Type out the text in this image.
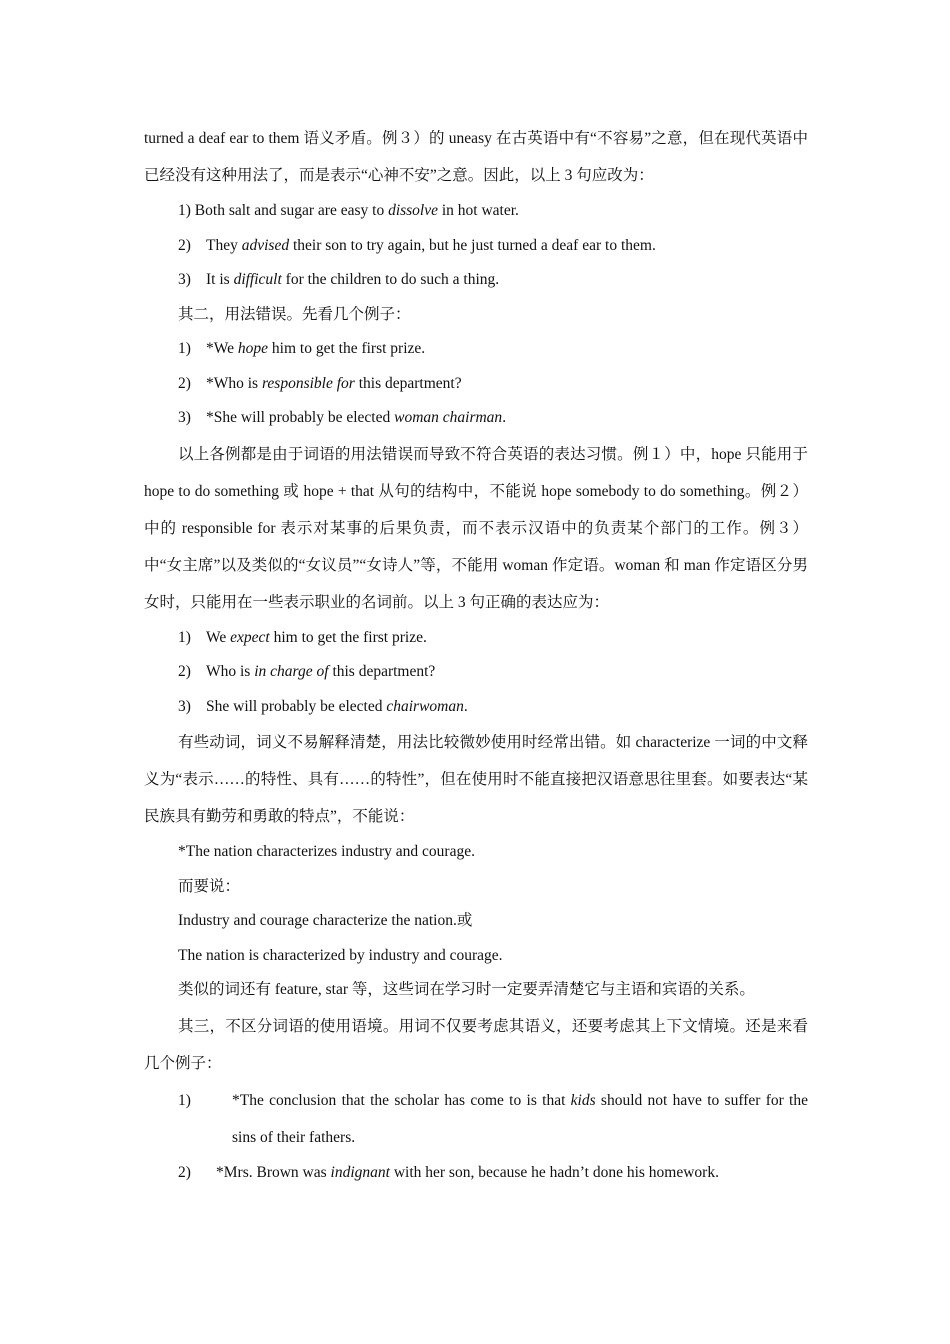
turned a deaf ear to them 语义矛盾。例３）的 uneasy 在古英语中有“不容易”之意，但在现代英语中已经没有这种用法了，而是表示“心神不安”之意。因此，以上 3 句应改为：

1) Both salt and sugar are easy to dissolve in hot water.
2) They advised their son to try again, but he just turned a deaf ear to them.
3) It is difficult for the children to do such a thing.

其二，用法错误。先看几个例子：

1) *We hope him to get the first prize.
2) *Who is responsible for this department?
3) *She will probably be elected woman chairman.

以上各例都是由于词语的用法错误而导致不符合英语的表达习惯。例１）中，hope 只能用于 hope to do something 或 hope + that 从句的结构中，不能说 hope somebody to do something。例２）中的 responsible for 表示对某事的后果负责，而不表示汉语中的负责某个部门的工作。例３）中“女主席”以及类似的“女议员”“女诗人”等，不能用 woman 作定语。woman 和 man 作定语区分男女时，只能用在一些表示职业的名词前。以上 3 句正确的表达应为：

1) We expect him to get the first prize.
2) Who is in charge of this department?
3) She will probably be elected chairwoman.

有些动词，词义不易解释清楚，用法比较微妙使用时经常出错。如 characterize 一词的中文释义为“表示……的特性、具有……的特性”，但在使用时不能直接把汉语意思往里套。如要表达“某民族具有勤劳和勇敢的特点”，不能说：

*The nation characterizes industry and courage.
而要说：
Industry and courage characterize the nation.或
The nation is characterized by industry and courage.
类似的词还有 feature, star 等，这些词在学习时一定要弄清楚它与主语和宾语的关系。

其三，不区分词语的使用语境。用词不仅要考虑其语义，还要考虑其上下文情境。还是来看几个例子：

1)	*The conclusion that the scholar has come to is that kids should not have to suffer for the sins of their fathers.
2) *Mrs. Brown was indignant with her son, because he hadn’t done his homework.
